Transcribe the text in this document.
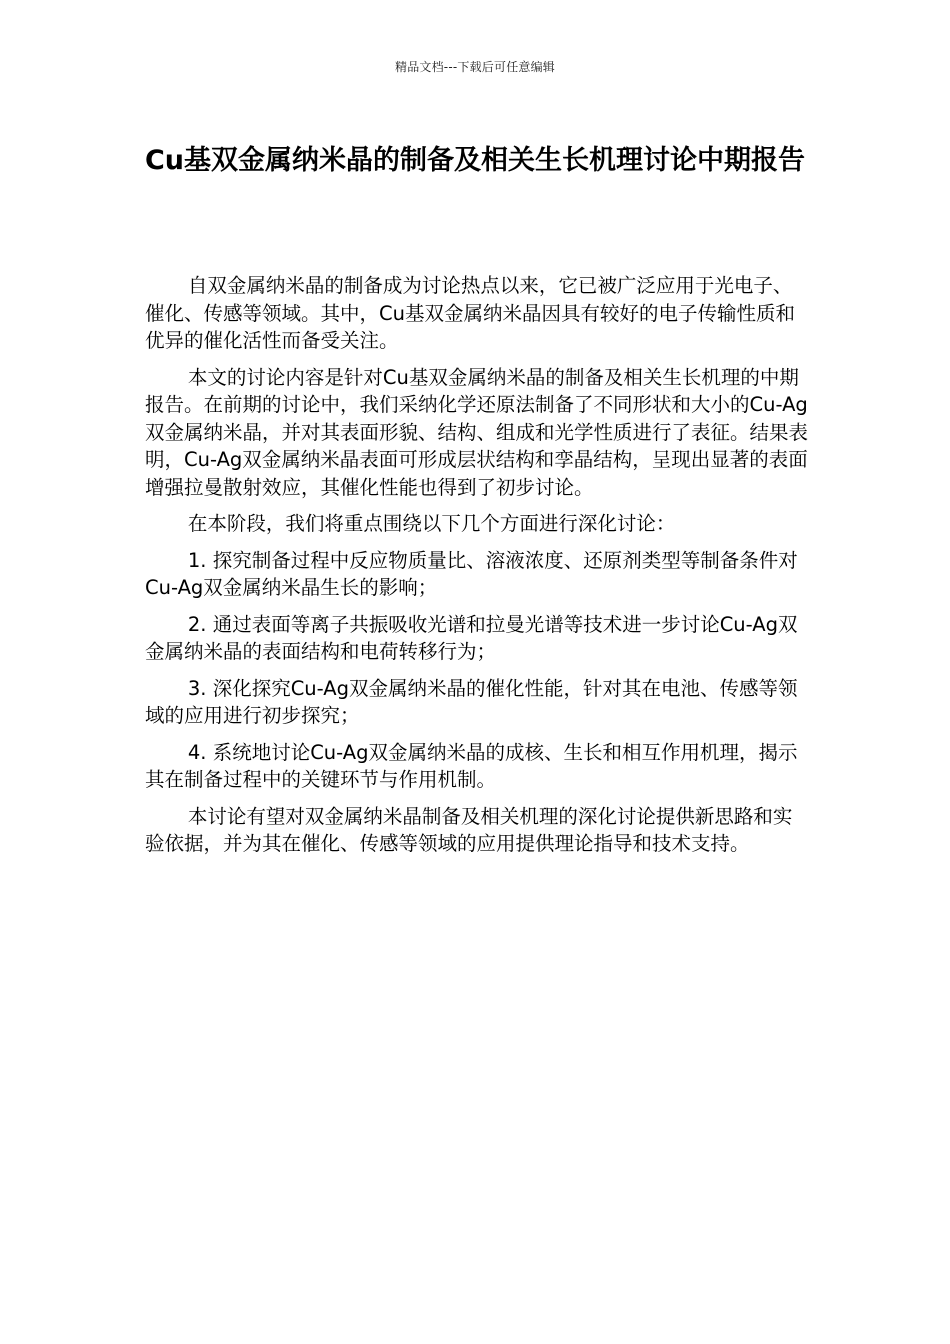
精品文档---下载后可任意编辑
Cu基双金属纳米晶的制备及相关生长机理讨论中期报告

自双金属纳米晶的制备成为讨论热点以来，它已被广泛应用于光电子、催化、传感等领域。其中，Cu基双金属纳米晶因具有较好的电子传输性质和优异的催化活性而备受关注。

本文的讨论内容是针对Cu基双金属纳米晶的制备及相关生长机理的中期报告。在前期的讨论中，我们采纳化学还原法制备了不同形状和大小的Cu-Ag双金属纳米晶，并对其表面形貌、结构、组成和光学性质进行了表征。结果表明，Cu-Ag双金属纳米晶表面可形成层状结构和孪晶结构，呈现出显著的表面增强拉曼散射效应，其催化性能也得到了初步讨论。

在本阶段，我们将重点围绕以下几个方面进行深化讨论：

1. 探究制备过程中反应物质量比、溶液浓度、还原剂类型等制备条件对Cu-Ag双金属纳米晶生长的影响；

2. 通过表面等离子共振吸收光谱和拉曼光谱等技术进一步讨论Cu-Ag双金属纳米晶的表面结构和电荷转移行为；

3. 深化探究Cu-Ag双金属纳米晶的催化性能，针对其在电池、传感等领域的应用进行初步探究；

4. 系统地讨论Cu-Ag双金属纳米晶的成核、生长和相互作用机理，揭示其在制备过程中的关键环节与作用机制。

本讨论有望对双金属纳米晶制备及相关机理的深化讨论提供新思路和实验依据，并为其在催化、传感等领域的应用提供理论指导和技术支持。
